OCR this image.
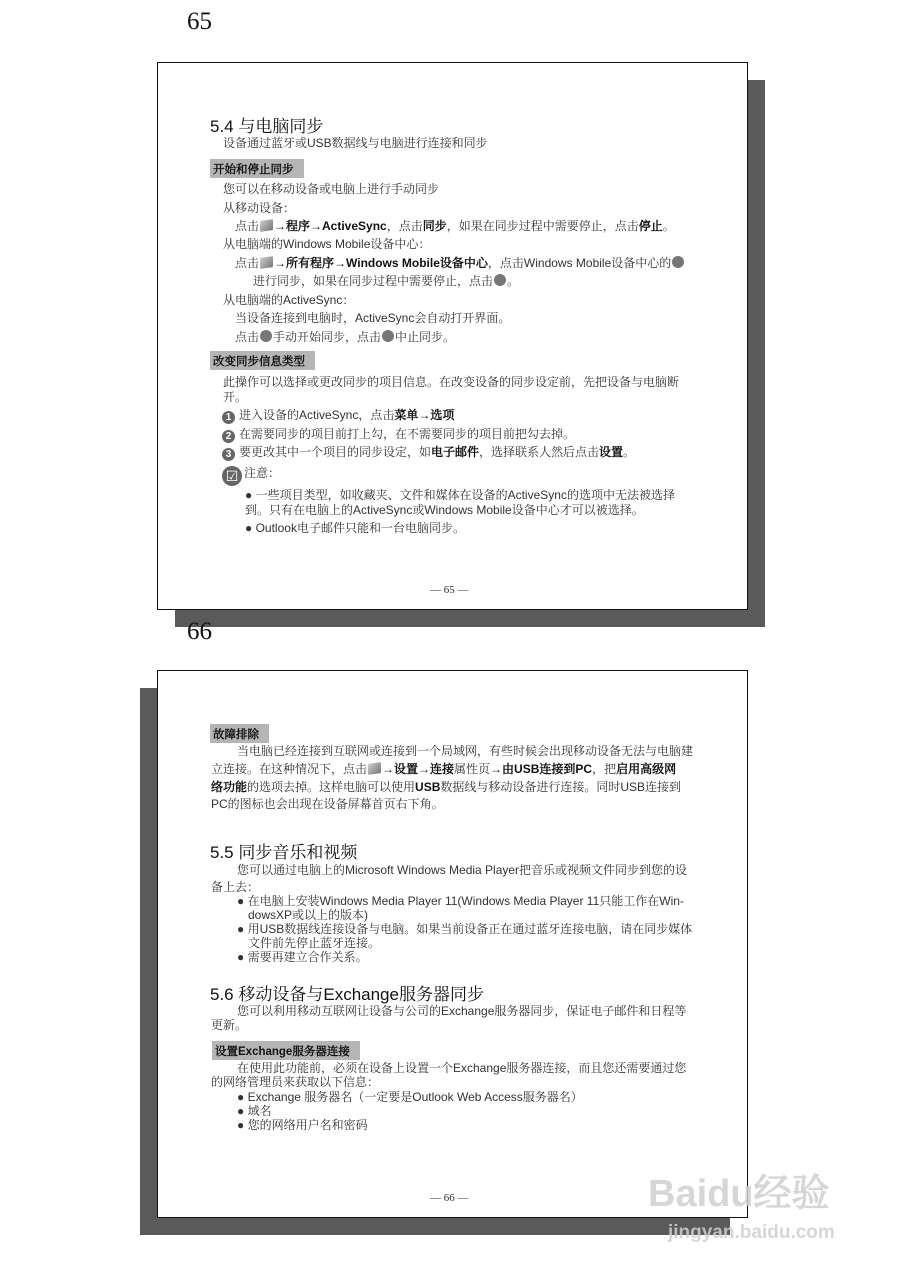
65
5.4 与电脑同步
设备通过蓝牙或USB数据线与电脑进行连接和同步
开始和停止同步
您可以在移动设备或电脑上进行手动同步
从移动设备：
点击 →程序→ActiveSync，点击同步，如果在同步过程中需要停止，点击停止。
从电脑端的Windows Mobile设备中心：
点击 →所有程序→Windows Mobile设备中心，点击Windows Mobile设备中心的
进行同步，如果在同步过程中需要停止，点击 。
从电脑端的ActiveSync：
当设备连接到电脑时，ActiveSync会自动打开界面。
点击 手动开始同步，点击 中止同步。
改变同步信息类型
此操作可以选择或更改同步的项目信息。在改变设备的同步设定前，先把设备与电脑断
开。
1 进入设备的ActiveSync，点击菜单→选项
2 在需要同步的项目前打上勾，在不需要同步的项目前把勾去掉。
3 要更改其中一个项目的同步设定，如电子邮件，选择联系人然后点击设置。
☑ 注意：
● 一些项目类型，如收藏夹、文件和媒体在设备的ActiveSync的选项中无法被选择
到。只有在电脑上的ActiveSync或Windows Mobile设备中心才可以被选择。
● Outlook电子邮件只能和一台电脑同步。
— 65 —
66
故障排除
当电脑已经连接到互联网或连接到一个局域网，有些时候会出现移动设备无法与电脑建
立连接。在这种情况下，点击 →设置→连接属性页→由USB连接到PC，把启用高级网
络功能的选项去掉。这样电脑可以使用USB数据线与移动设备进行连接。同时USB连接到
PC的图标也会出现在设备屏幕首页右下角。
5.5 同步音乐和视频
您可以通过电脑上的Microsoft Windows Media Player把音乐或视频文件同步到您的设
备上去：
● 在电脑上安装Windows Media Player 11(Windows Media Player 11只能工作在Win-
dowsXP或以上的版本)
● 用USB数据线连接设备与电脑。如果当前设备正在通过蓝牙连接电脑，请在同步媒体
文件前先停止蓝牙连接。
● 需要再建立合作关系。
5.6 移动设备与Exchange服务器同步
您可以利用移动互联网让设备与公司的Exchange服务器同步，保证电子邮件和日程等
更新。
设置Exchange服务器连接
在使用此功能前，必须在设备上设置一个Exchange服务器连接，而且您还需要通过您
的网络管理员来获取以下信息：
● Exchange 服务器名（一定要是Outlook Web Access服务器名）
● 域名
● 您的网络用户名和密码
— 66 —	Baidu经验
jingyan.baidu.com
